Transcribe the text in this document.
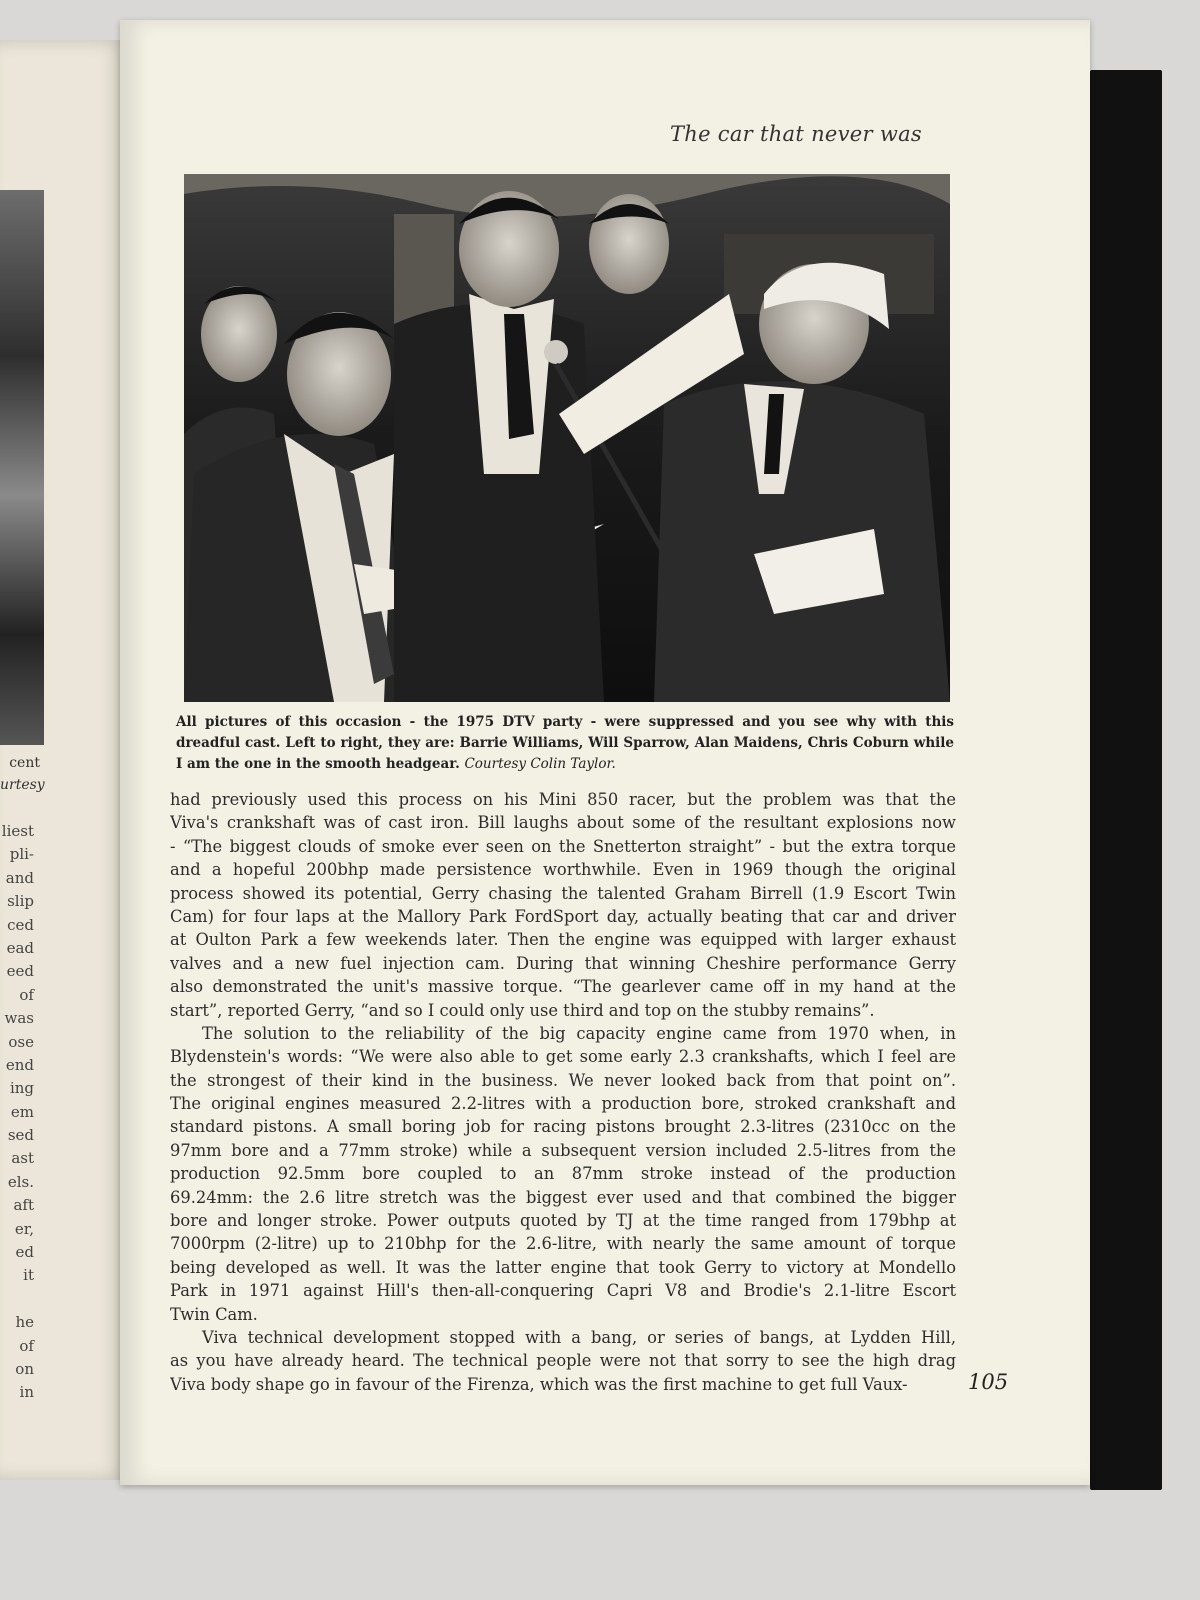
cent
urtesy
liest
pli-
and
slip
ced
ead
eed
of
was
ose
end
ing
em
sed
ast
els.
aft
er,
ed
it
he
of
on
in
The car that never was
All pictures of this occasion - the 1975 DTV party - were suppressed and you see why with this dreadful cast. Left to right, they are: Barrie Williams, Will Sparrow, Alan Maidens, Chris Coburn while I am the one in the smooth headgear. Courtesy Colin Taylor.
had previously used this process on his Mini 850 racer, but the problem was that the
Viva's crankshaft was of cast iron. Bill laughs about some of the resultant explosions now
- “The biggest clouds of smoke ever seen on the Snetterton straight” - but the extra torque
and a hopeful 200bhp made persistence worthwhile. Even in 1969 though the original
process showed its potential, Gerry chasing the talented Graham Birrell (1.9 Escort Twin
Cam) for four laps at the Mallory Park FordSport day, actually beating that car and driver
at Oulton Park a few weekends later. Then the engine was equipped with larger exhaust
valves and a new fuel injection cam. During that winning Cheshire performance Gerry
also demonstrated the unit's massive torque. “The gearlever came off in my hand at the
start”, reported Gerry, “and so I could only use third and top on the stubby remains”.
The solution to the reliability of the big capacity engine came from 1970 when, in
Blydenstein's words: “We were also able to get some early 2.3 crankshafts, which I feel are
the strongest of their kind in the business. We never looked back from that point on”.
The original engines measured 2.2-litres with a production bore, stroked crankshaft and
standard pistons. A small boring job for racing pistons brought 2.3-litres (2310cc on the
97mm bore and a 77mm stroke) while a subsequent version included 2.5-litres from the
production 92.5mm bore coupled to an 87mm stroke instead of the production
69.24mm: the 2.6 litre stretch was the biggest ever used and that combined the bigger
bore and longer stroke. Power outputs quoted by TJ at the time ranged from 179bhp at
7000rpm (2-litre) up to 210bhp for the 2.6-litre, with nearly the same amount of torque
being developed as well. It was the latter engine that took Gerry to victory at Mondello
Park in 1971 against Hill's then-all-conquering Capri V8 and Brodie's 2.1-litre Escort
Twin Cam.
Viva technical development stopped with a bang, or series of bangs, at Lydden Hill,
as you have already heard. The technical people were not that sorry to see the high drag
Viva body shape go in favour of the Firenza, which was the first machine to get full Vaux-	105
